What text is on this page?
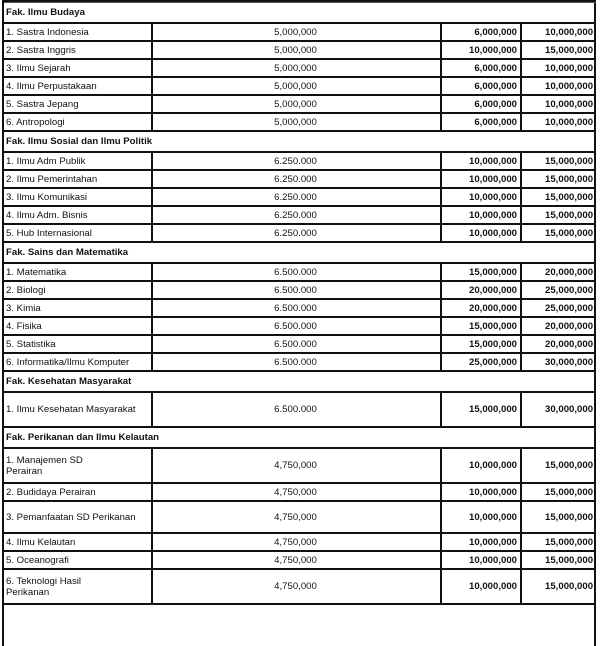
Fak. Ilmu Budaya			
1. Sastra Indonesia	5,000,000	6,000,000	10,000,000
2. Sastra Inggris	5,000,000	10,000,000	15,000,000
3. Ilmu Sejarah	5,000,000	6,000,000	10,000,000
4. Ilmu Perpustakaan	5,000,000	6,000,000	10,000,000
5. Sastra Jepang	5,000,000	6,000,000	10,000,000
6. Antropologi	5,000,000	6,000,000	10,000,000
Fak. Ilmu Sosial dan Ilmu Politik			
1. Ilmu Adm Publik	6.250.000	10,000,000	15,000,000
2. Ilmu Pemerintahan	6.250.000	10,000,000	15,000,000
3. Ilmu Komunikasi	6.250.000	10,000,000	15,000,000
4. Ilmu Adm. Bisnis	6.250.000	10,000,000	15,000,000
5. Hub Internasional	6.250.000	10,000,000	15,000,000
Fak. Sains dan Matematika			
1. Matematika	6.500.000	15,000,000	20,000,000
2. Biologi	6.500.000	20,000,000	25,000,000
3. Kimia	6.500.000	20,000,000	25,000,000
4. Fisika	6.500.000	15,000,000	20,000,000
5. Statistika	6.500.000	15,000,000	20,000,000
6. Informatika/Ilmu Komputer	6.500.000	25,000,000	30,000,000
Fak. Kesehatan Masyarakat			
1. Ilmu Kesehatan Masyarakat	6.500.000	15,000,000	30,000,000
Fak. Perikanan dan Ilmu Kelautan			
1. Manajemen SD Perairan	4,750,000	10,000,000	15,000,000
2. Budidaya Perairan	4,750,000	10,000,000	15,000,000
3. Pemanfaatan SD Perikanan	4,750,000	10,000,000	15,000,000
4. Ilmu Kelautan	4,750,000	10,000,000	15,000,000
5. Oceanografi	4,750,000	10,000,000	15,000,000
6. Teknologi Hasil Perikanan	4,750,000	10,000,000	15,000,000
